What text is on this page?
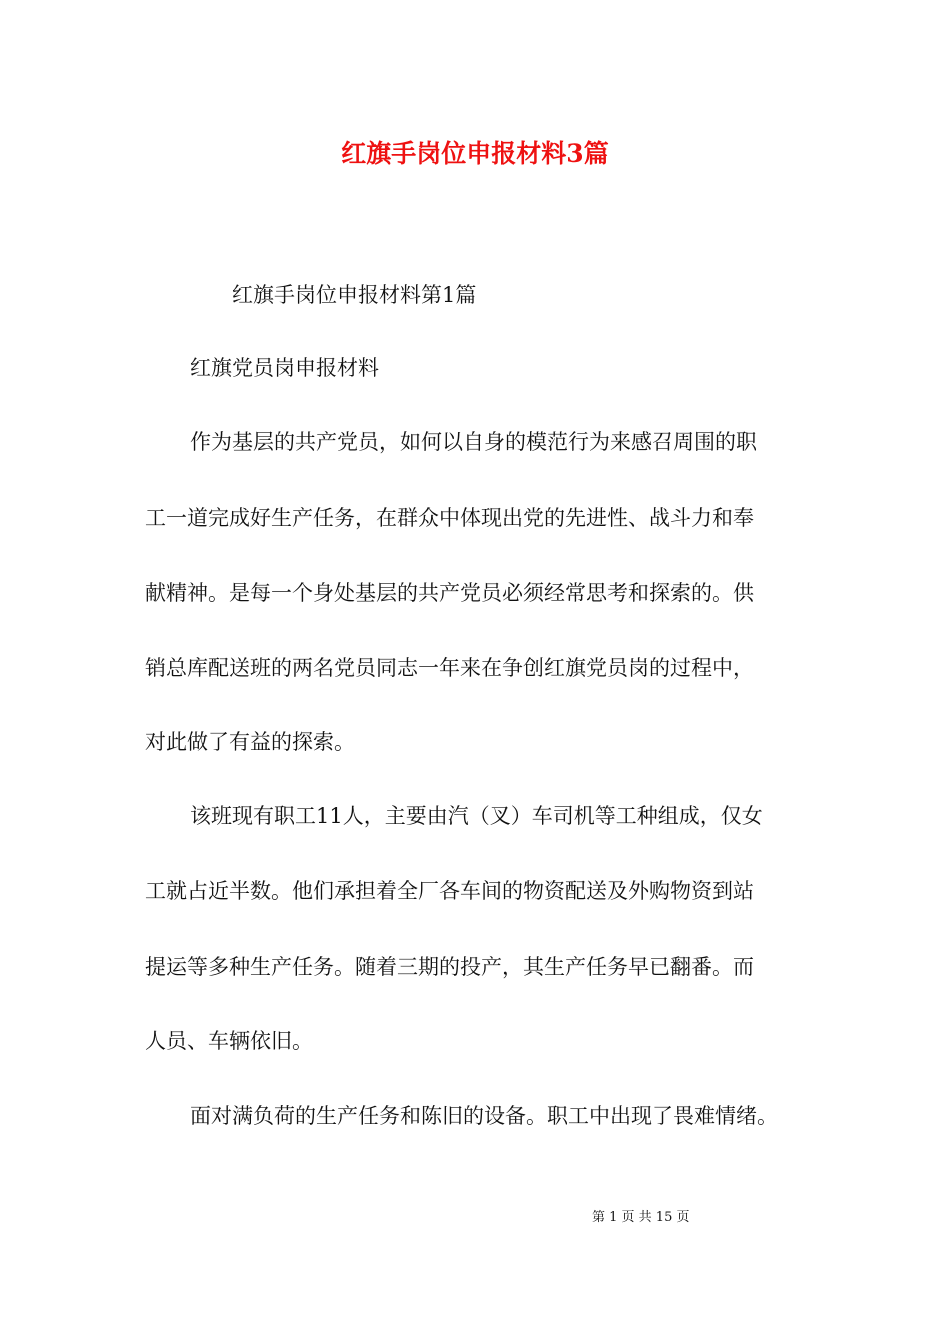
红旗手岗位申报材料3篇
红旗手岗位申报材料第1篇
红旗党员岗申报材料
作为基层的共产党员，如何以自身的模范行为来感召周围的职
工一道完成好生产任务，在群众中体现出党的先进性、战斗力和奉
献精神。是每一个身处基层的共产党员必须经常思考和探索的。供
销总库配送班的两名党员同志一年来在争创红旗党员岗的过程中，
对此做了有益的探索。
该班现有职工11人，主要由汽（叉）车司机等工种组成，仅女
工就占近半数。他们承担着全厂各车间的物资配送及外购物资到站
提运等多种生产任务。随着三期的投产，其生产任务早已翻番。而
人员、车辆依旧。
面对满负荷的生产任务和陈旧的设备。职工中出现了畏难情绪。
第 1 页 共 15 页
